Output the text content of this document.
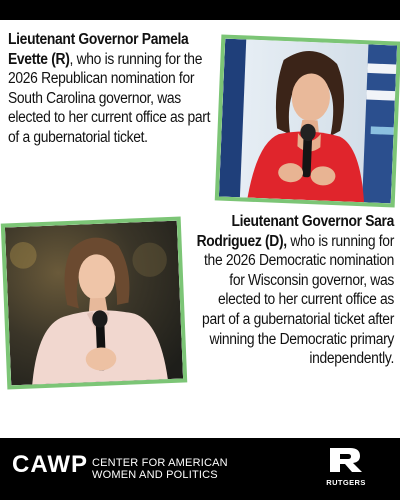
Lieutenant Governor Pamela Evette (R), who is running for the 2026 Republican nomination for South Carolina governor, was elected to her current office as part of a gubernatorial ticket.
Lieutenant Governor Sara Rodriguez (D), who is running for the 2026 Democratic nomination for Wisconsin governor, was elected to her current office as part of a gubernatorial ticket after winning the Democratic primary independently.
CAWP CENTER FOR AMERICAN
WOMEN AND POLITICS
RUTGERS
